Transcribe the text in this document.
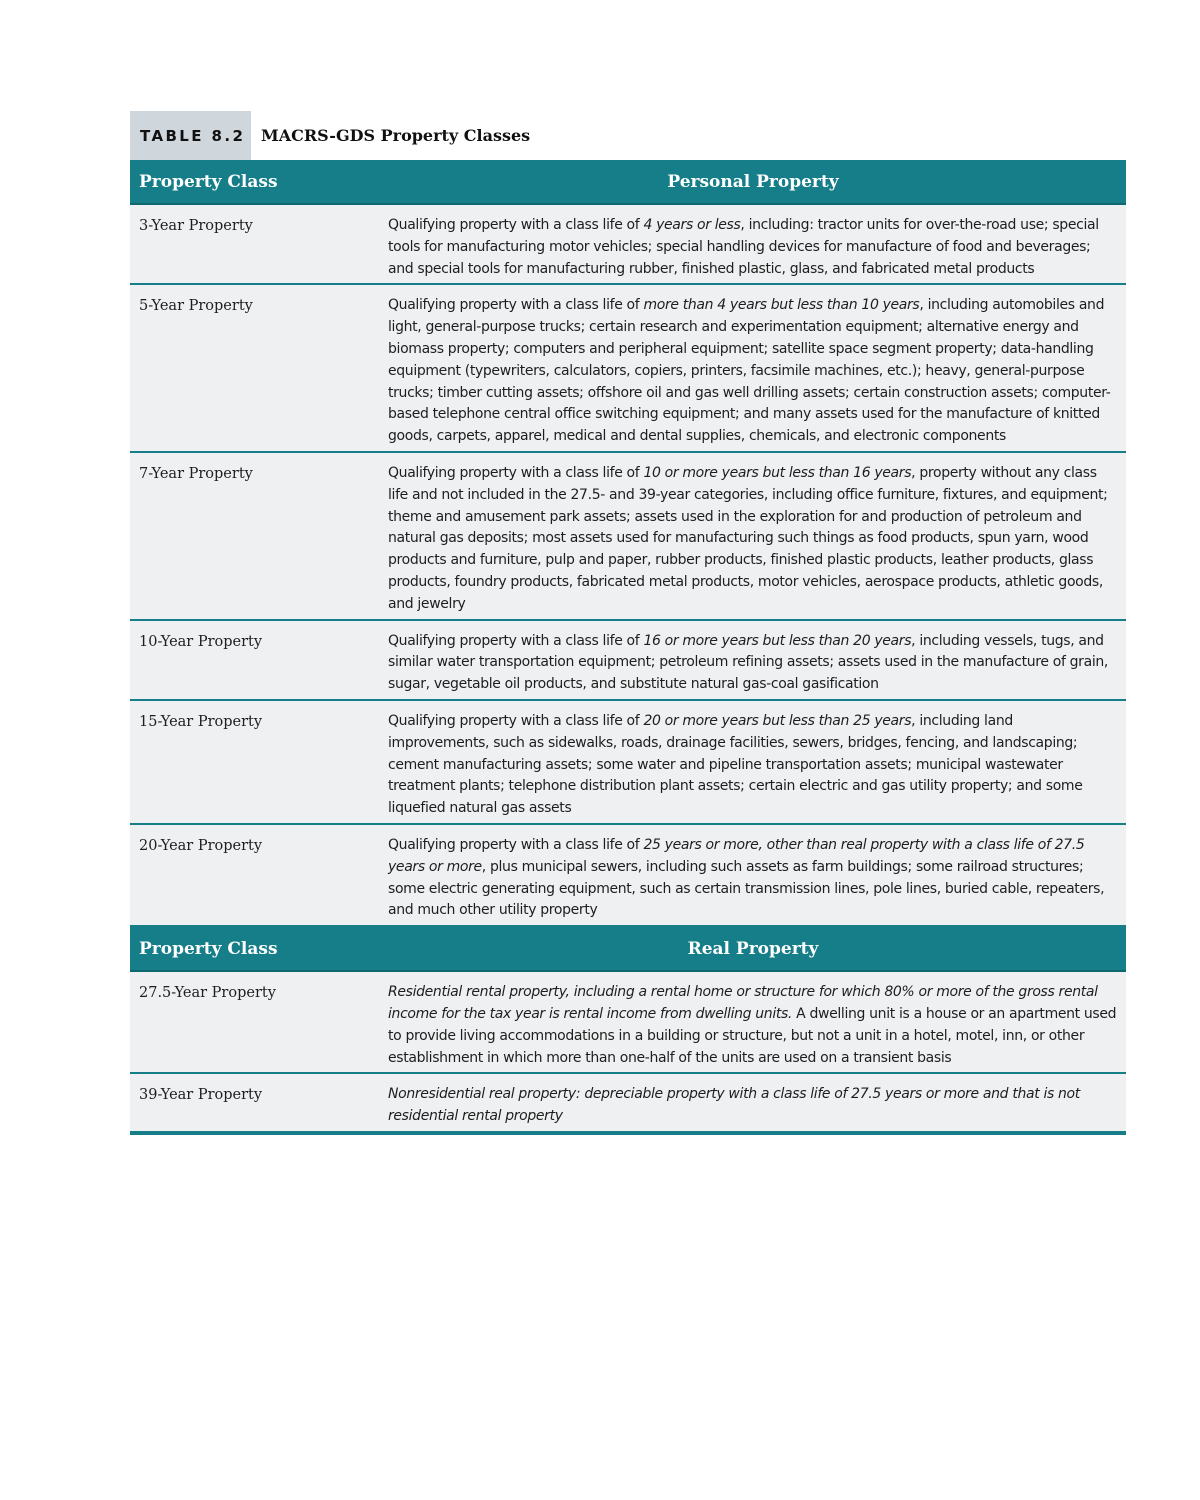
TABLE 8.2 MACRS-GDS Property Classes
Property Class	Personal Property
3-Year Property	Qualifying property with a class life of 4 years or less, including: tractor units for over-the-road use; special tools for manufacturing motor vehicles; special handling devices for manufacture of food and beverages; and special tools for manufacturing rubber, finished plastic, glass, and fabricated metal products
5-Year Property	Qualifying property with a class life of more than 4 years but less than 10 years, including automobiles and light, general-purpose trucks; certain research and experimentation equipment; alternative energy and biomass property; computers and peripheral equipment; satellite space segment property; data-handling equipment (typewriters, calculators, copiers, printers, facsimile machines, etc.); heavy, general-purpose trucks; timber cutting assets; offshore oil and gas well drilling assets; certain construction assets; computer-based telephone central office switching equipment; and many assets used for the manufacture of knitted goods, carpets, apparel, medical and dental supplies, chemicals, and electronic components
7-Year Property	Qualifying property with a class life of 10 or more years but less than 16 years, property without any class life and not included in the 27.5- and 39-year categories, including office furniture, fixtures, and equipment; theme and amusement park assets; assets used in the exploration for and production of petroleum and natural gas deposits; most assets used for manufacturing such things as food products, spun yarn, wood products and furniture, pulp and paper, rubber products, finished plastic products, leather products, glass products, foundry products, fabricated metal products, motor vehicles, aerospace products, athletic goods, and jewelry
10-Year Property	Qualifying property with a class life of 16 or more years but less than 20 years, including vessels, tugs, and similar water transportation equipment; petroleum refining assets; assets used in the manufacture of grain, sugar, vegetable oil products, and substitute natural gas-coal gasification
15-Year Property	Qualifying property with a class life of 20 or more years but less than 25 years, including land improvements, such as sidewalks, roads, drainage facilities, sewers, bridges, fencing, and landscaping; cement manufacturing assets; some water and pipeline transportation assets; municipal wastewater treatment plants; telephone distribution plant assets; certain electric and gas utility property; and some liquefied natural gas assets
20-Year Property	Qualifying property with a class life of 25 years or more, other than real property with a class life of 27.5 years or more, plus municipal sewers, including such assets as farm buildings; some railroad structures; some electric generating equipment, such as certain transmission lines, pole lines, buried cable, repeaters, and much other utility property
Property Class	Real Property
27.5-Year Property	Residential rental property, including a rental home or structure for which 80% or more of the gross rental income for the tax year is rental income from dwelling units. A dwelling unit is a house or an apartment used to provide living accommodations in a building or structure, but not a unit in a hotel, motel, inn, or other establishment in which more than one-half of the units are used on a transient basis
39-Year Property	Nonresidential real property: depreciable property with a class life of 27.5 years or more and that is not residential rental property
